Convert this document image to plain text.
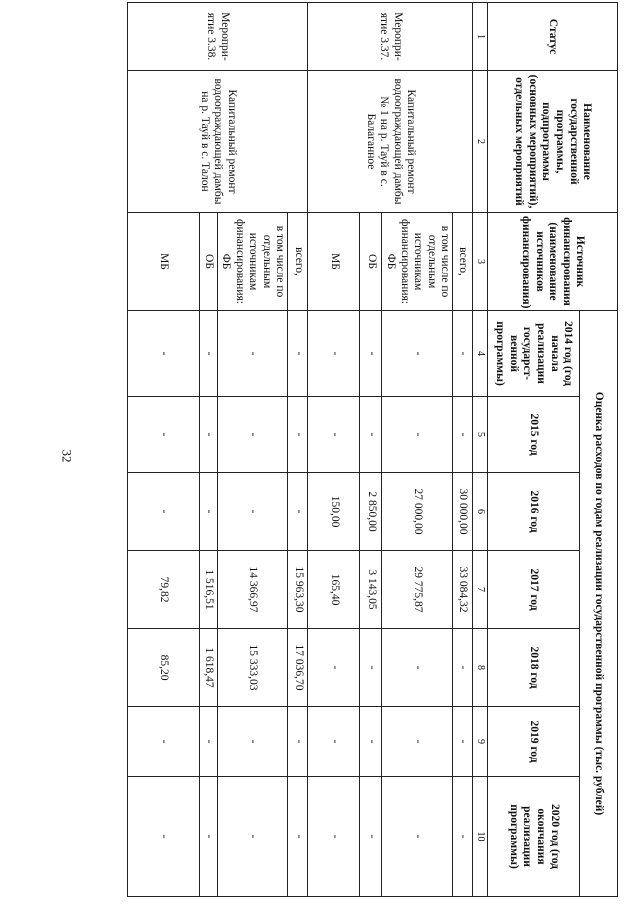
32
Статус	Наименование государственной программы, подпрограммы (основных мероприятий), отдельных мероприятий	Источник финансирования (наименование источников финансирования)	Оценка расходов по годам реализации государственной программы (тыс. рублей)						
			2014 год (год начала реализации государст-венной программы)	2015 год	2016 год	2017 год	2018 год	2019 год	2020 год (год окончания реализации программы)
1	2	3	4	5	6	7	8	9	10
Меропри-ятие 3.37.	Капитальный ремонт водоограждающей дамбы № 1 на р. Тауй в с. Балаганное	всего,	-	-	30 000,00	33 084,32	-	-	-
		в том числе по отдельным источникам финансирования: ФБ	-	-	27 000,00	29 775,87	-	-	-
		ОБ	-	-	2 850,00	3 143,05	-	-	-
		МБ	-	-	150,00	165,40	-	-	-
Меропри-ятие 3.38.	Капитальный ремонт водоограждающей дамбы на р. Тауй в с. Талон	всего,	-	-	-	15 963,30	17 036,70	-	-
		в том числе по отдельным источникам финансирования: ФБ	-	-	-	14 366,97	15 333,03	-	-
		ОБ	-	-	-	1 516,51	1 618,47	-	-
		МБ	-	-	-	79,82	85,20	-	-
